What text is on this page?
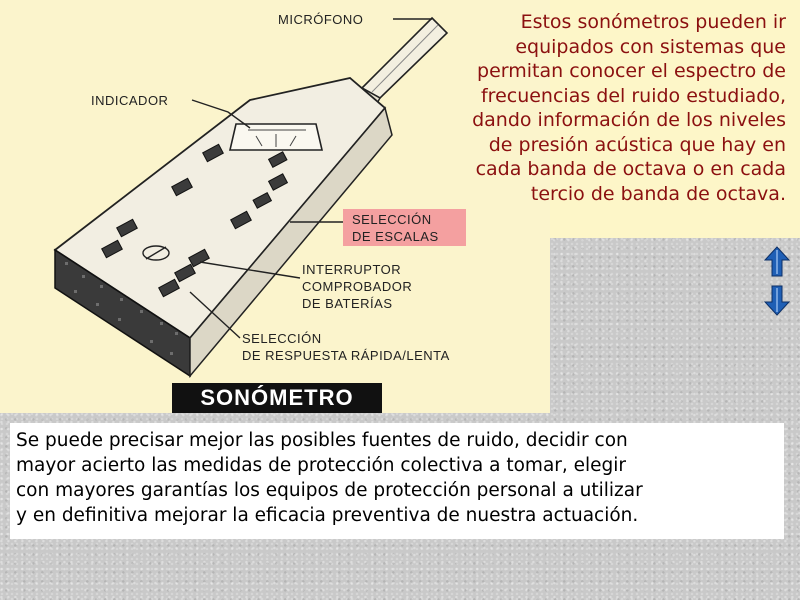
MICRÓFONO
INDICADOR
SELECCIÓN
DE ESCALAS
INTERRUPTOR
COMPROBADOR
DE BATERÍAS
SELECCIÓN
DE RESPUESTA RÁPIDA/LENTA
SONÓMETRO

Estos sonómetros pueden ir

equipados con sistemas que

permitan conocer el espectro de

frecuencias del ruido estudiado,

dando información de los niveles

de presión acústica que hay en

cada banda de octava o en cada

tercio de banda de octava.

Se puede precisar mejor las posibles fuentes de ruido, decidir con
mayor acierto las medidas de protección colectiva a tomar, elegir
con mayores garantías los equipos de protección personal a utilizar
y en definitiva mejorar la eficacia preventiva de nuestra actuación.
